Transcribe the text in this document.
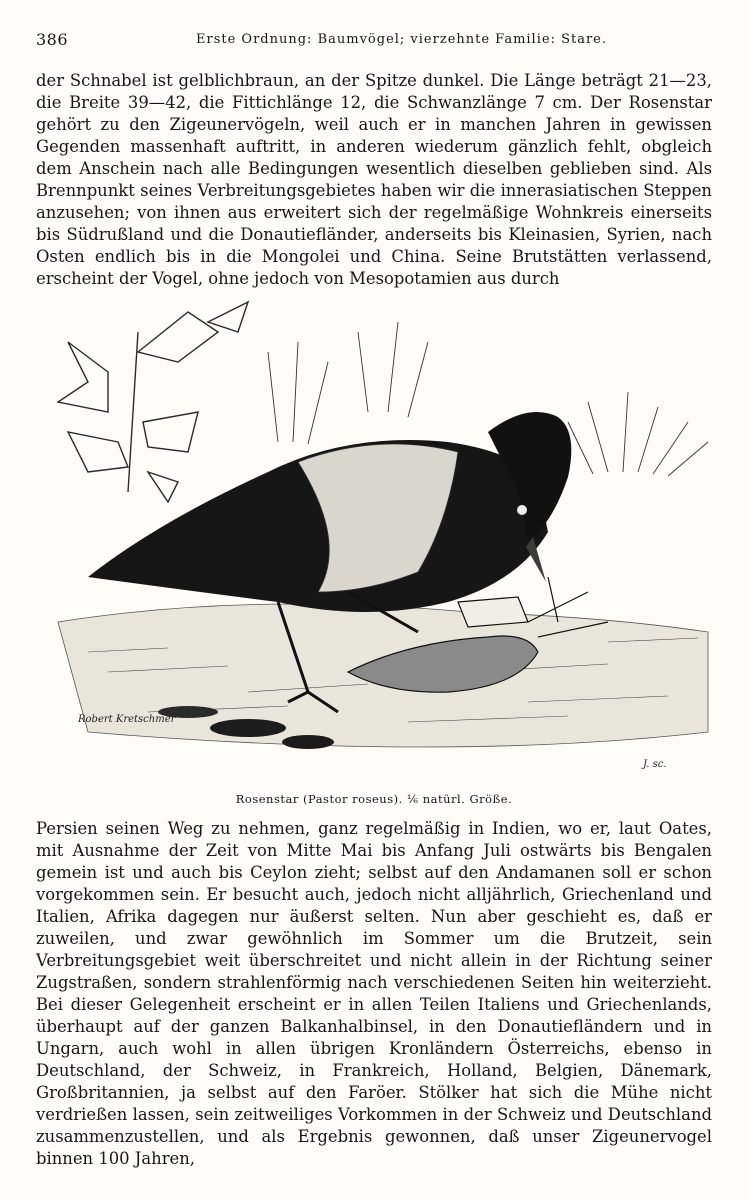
386	Erste Ordnung: Baumvögel; vierzehnte Familie: Stare.

der Schnabel ist gelblichbraun, an der Spitze dunkel. Die Länge beträgt 21—23, die Breite 39—42, die Fittichlänge 12, die Schwanzlänge 7 cm. Der Rosenstar gehört zu den Zigeunervögeln, weil auch er in manchen Jahren in gewissen Gegenden massenhaft auftritt, in anderen wiederum gänzlich fehlt, obgleich dem Anschein nach alle Bedingungen wesentlich dieselben geblieben sind. Als Brennpunkt seines Verbreitungsgebietes haben wir die innerasiatischen Steppen anzusehen; von ihnen aus erweitert sich der regelmäßige Wohnkreis einerseits bis Südrußland und die Donautiefländer, anderseits bis Kleinasien, Syrien, nach Osten endlich bis in die Mongolei und China. Seine Brutstätten verlassend, erscheint der Vogel, ohne jedoch von Mesopotamien aus durch

Robert Kretschmer
J. sc.
Rosenstar (Pastor roseus). ⅙ natürl. Größe.

Persien seinen Weg zu nehmen, ganz regelmäßig in Indien, wo er, laut Oates, mit Ausnahme der Zeit von Mitte Mai bis Anfang Juli ostwärts bis Bengalen gemein ist und auch bis Ceylon zieht; selbst auf den Andamanen soll er schon vorgekommen sein. Er besucht auch, jedoch nicht alljährlich, Griechenland und Italien, Afrika dagegen nur äußerst selten. Nun aber geschieht es, daß er zuweilen, und zwar gewöhnlich im Sommer um die Brutzeit, sein Verbreitungsgebiet weit überschreitet und nicht allein in der Richtung seiner Zugstraßen, sondern strahlenförmig nach verschiedenen Seiten hin weiterzieht. Bei dieser Gelegenheit erscheint er in allen Teilen Italiens und Griechenlands, überhaupt auf der ganzen Balkanhalbinsel, in den Donautiefländern und in Ungarn, auch wohl in allen übrigen Kronländern Österreichs, ebenso in Deutschland, der Schweiz, in Frankreich, Holland, Belgien, Dänemark, Großbritannien, ja selbst auf den Faröer. Stölker hat sich die Mühe nicht verdrießen lassen, sein zeitweiliges Vorkommen in der Schweiz und Deutschland zusammenzustellen, und als Ergebnis gewonnen, daß unser Zigeunervogel binnen 100 Jahren,
